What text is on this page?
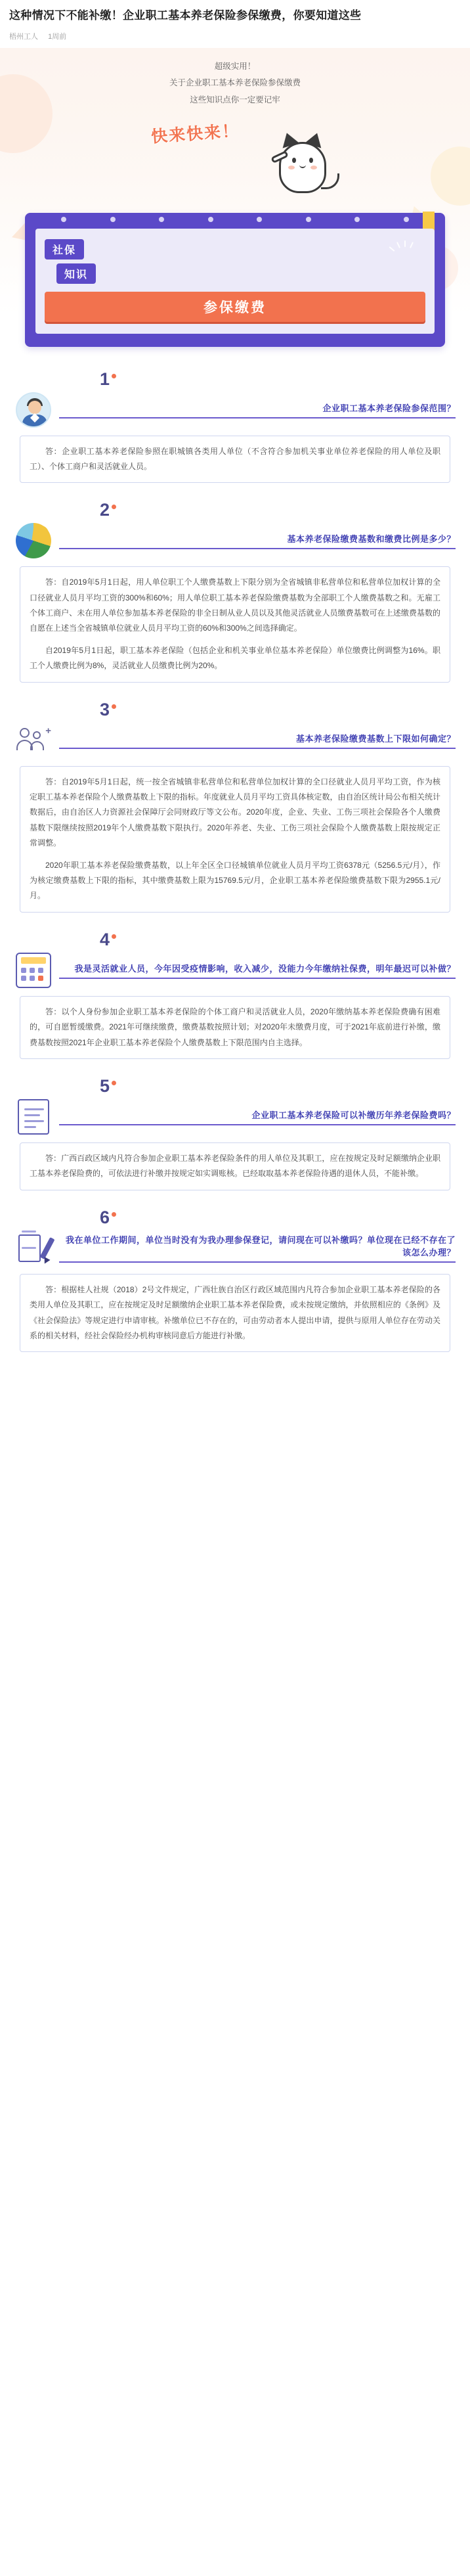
这种情况下不能补缴！企业职工基本养老保险参保缴费，你要知道这些
梧州工人 1周前
超级实用！
关于企业职工基本养老保险参保缴费
这些知识点你一定要记牢
快来快来！
社保
知识
参保缴费
1
企业职工基本养老保险参保范围？

答：企业职工基本养老保险参照在职城镇各类用人单位（不含符合参加机关事业单位养老保险的用人单位及职工）、个体工商户和灵活就业人员。

2
基本养老保险缴费基数和缴费比例是多少？

答：自2019年5月1日起，用人单位职工个人缴费基数上下限分别为全省城镇非私营单位和私营单位加权计算的全口径就业人员月平均工资的300%和60%；用人单位职工基本养老保险缴费基数为全部职工个人缴费基数之和。无雇工个体工商户、未在用人单位参加基本养老保险的非全日制从业人员以及其他灵活就业人员缴费基数可在上述缴费基数的自愿在上述当全省城镇单位就业人员月平均工资的60%和300%之间选择确定。

自2019年5月1日起，职工基本养老保险（包括企业和机关事业单位基本养老保险）单位缴费比例调整为16%。职工个人缴费比例为8%，灵活就业人员缴费比例为20%。

3
+
基本养老保险缴费基数上下限如何确定？

答：自2019年5月1日起，统一按全省城镇非私营单位和私营单位加权计算的全口径就业人员月平均工资，作为核定职工基本养老保险个人缴费基数上下限的指标。年度就业人员月平均工资具体核定数，由自治区统计局公布相关统计数据后，由自治区人力资源社会保障厅会同财政厅等文公布。2020年度，企业、失业、工伤三项社会保险各个人缴费基数下限继续按照2019年个人缴费基数下限执行。2020年养老、失业、工伤三项社会保险个人缴费基数上限按规定正常调整。

2020年职工基本养老保险缴费基数，以上年全区全口径城镇单位就业人员月平均工资6378元（5256.5元/月），作为核定缴费基数上下限的指标，其中缴费基数上限为15769.5元/月，企业职工基本养老保险缴费基数下限为2955.1元/月。

4
我是灵活就业人员，今年因受疫情影响，收入减少，没能力今年缴纳社保费，明年最迟可以补做？

答：以个人身份参加企业职工基本养老保险的个体工商户和灵活就业人员，2020年缴纳基本养老保险费确有困难的，可自愿暂缓缴费。2021年可继续缴费，缴费基数按照计划；对2020年未缴费月度，可于2021年底前进行补缴，缴费基数按照2021年企业职工基本养老保险个人缴费基数上下限范围内自主选择。

5
企业职工基本养老保险可以补缴历年养老保险费吗？

答：广西百政区域内凡符合参加企业职工基本养老保险条件的用人单位及其职工，应在按规定及时足额缴纳企业职工基本养老保险费的，可依法进行补缴并按规定如实调账核。已经取取基本养老保险待遇的退休人员，不能补缴。

6
我在单位工作期间，单位当时没有为我办理参保登记，请问现在可以补缴吗？单位现在已经不存在了该怎么办理？

答：根据桂人社规（2018）2号文件规定，广西壮族自治区行政区域范围内凡符合参加企业职工基本养老保险的各类用人单位及其职工，应在按规定及时足额缴纳企业职工基本养老保险费，或未按规定缴纳，并依照相应的《条例》及《社会保险法》等规定进行申请审核。补缴单位已不存在的，可由劳动者本人提出申请，提供与原用人单位存在劳动关系的相关材料，经社会保险经办机构审核同意后方能进行补缴。
